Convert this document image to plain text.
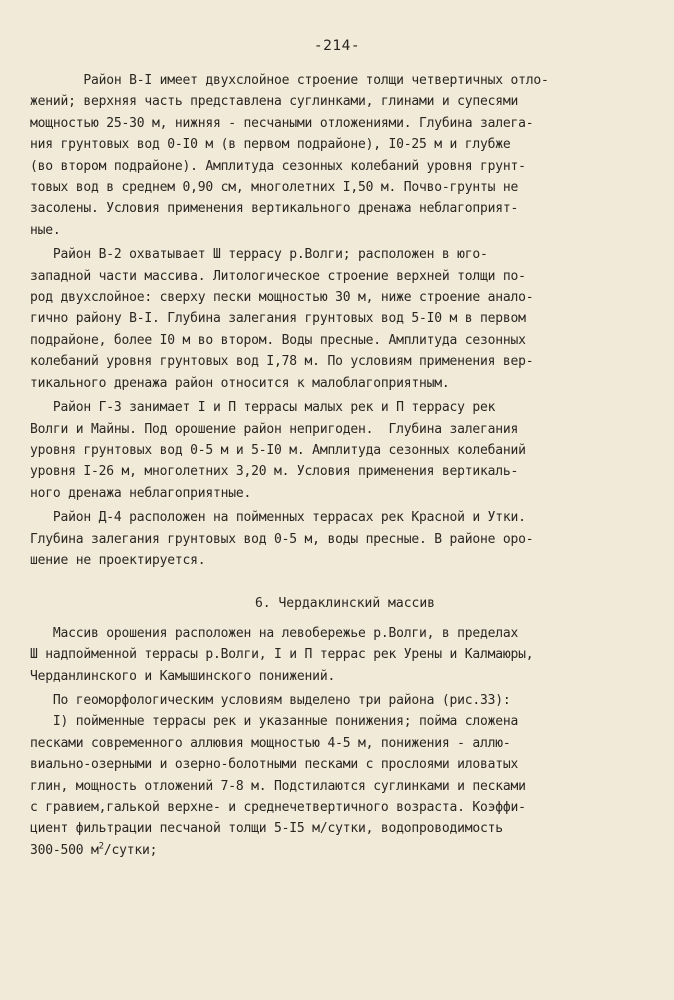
-214-
Район В-I имеет двухслойное строение толщи четвертичных отло-
жений; верхняя часть представлена суглинками, глинами и супесями
мощностью 25-30 м, нижняя - песчаными отложениями. Глубина залега-
ния грунтовых вод 0-I0 м (в первом подрайоне), I0-25 м и глубже
(во втором подрайоне). Амплитуда сезонных колебаний уровня грунт-
товых вод в среднем 0,90 см, многолетних I,50 м. Почво-грунты не
засолены. Условия применения вертикального дренажа неблагоприят-
ные.
Район В-2 охватывает Ш террасу р.Волги; расположен в юго-
западной части массива. Литологическое строение верхней толщи по-
род двухслойное: сверху пески мощностью 30 м, ниже строение анало-
гично району В-I. Глубина залегания грунтовых вод 5-I0 м в первом
подрайоне, более I0 м во втором. Воды пресные. Амплитуда сезонных
колебаний уровня грунтовых вод I,78 м. По условиям применения вер-
тикального дренажа район относится к малоблагоприятным.
Район Г-3 занимает I и П террасы малых рек и П террасу рек
Волги и Майны. Под орошение район непригоден.  Глубина залегания
уровня грунтовых вод 0-5 м и 5-I0 м. Амплитуда сезонных колебаний
уровня I-26 м, многолетних 3,20 м. Условия применения вертикаль-
ного дренажа неблагоприятные.
Район Д-4 расположен на пойменных террасах рек Красной и Утки.
Глубина залегания грунтовых вод 0-5 м, воды пресные. В районе оро-
шение не проектируется.
6. Чердаклинский массив
Массив орошения расположен на левобережье р.Волги, в пределах
Ш надпойменной террасы р.Волги, I и П террас рек Урены и Калмаюры,
Черданлинского и Камышинского понижений.
По геоморфологическим условиям выделено три района (рис.33):
I) пойменные террасы рек и указанные понижения; пойма сложена
песками современного аллювия мощностью 4-5 м, понижения - аллю-
виально-озерными и озерно-болотными песками с прослоями иловатых
глин, мощность отложений 7-8 м. Подстилаются суглинками и песками
с гравием,галькой верхне- и среднечетвертичного возраста. Коэффи-
циент фильтрации песчаной толщи 5-I5 м/сутки, водопроводимость
300-500 $м^2$/сутки;
